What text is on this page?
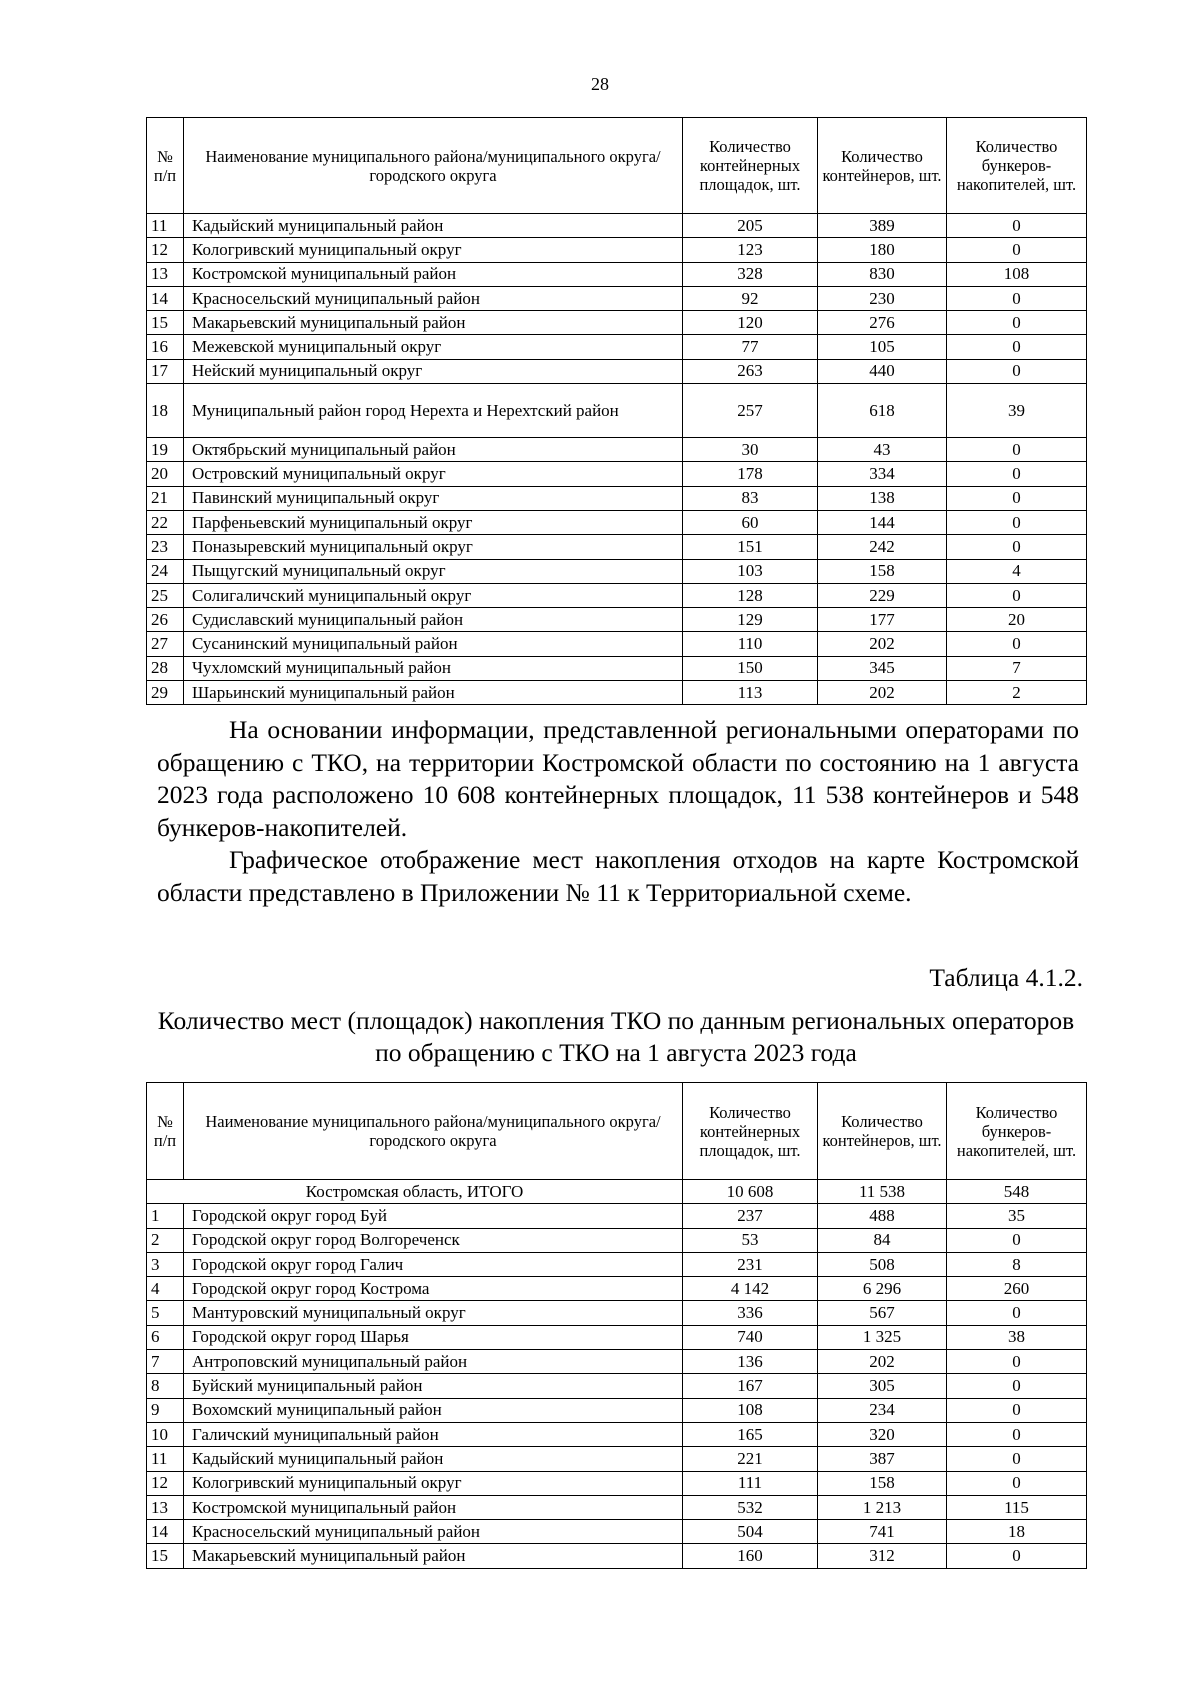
28
№ п/п	Наименование муниципального района/муниципального округа/городского округа	Количество контейнерных площадок, шт.	Количество контейнеров, шт.	Количество бункеров-накопителей, шт.
11	Кадыйский муниципальный район	205	389	0
12	Кологривский муниципальный округ	123	180	0
13	Костромской муниципальный район	328	830	108
14	Красносельский муниципальный район	92	230	0
15	Макарьевский муниципальный район	120	276	0
16	Межевской муниципальный округ	77	105	0
17	Нейский муниципальный округ	263	440	0
18	Муниципальный район город Нерехта и Нерехтский район	257	618	39
19	Октябрьский муниципальный район	30	43	0
20	Островский муниципальный округ	178	334	0
21	Павинский муниципальный округ	83	138	0
22	Парфеньевский муниципальный округ	60	144	0
23	Поназыревский муниципальный округ	151	242	0
24	Пыщугский муниципальный округ	103	158	4
25	Солигаличский муниципальный округ	128	229	0
26	Судиславский муниципальный район	129	177	20
27	Сусанинский муниципальный район	110	202	0
28	Чухломский муниципальный район	150	345	7
29	Шарьинский муниципальный район	113	202	2
На основании информации, представленной региональными операторами по обращению с ТКО, на территории Костромской области по состоянию на 1 августа 2023 года расположено 10 608 контейнерных площадок, 11 538 контейнеров и 548 бункеров-накопителей.
Графическое отображение мест накопления отходов на карте Костромской области представлено в Приложении № 11 к Территориальной схеме.
Таблица 4.1.2.
Количество мест (площадок) накопления ТКО по данным региональных операторов по обращению с ТКО на 1 августа 2023 года
№ п/п	Наименование муниципального района/муниципального округа/городского округа	Количество контейнерных площадок, шт.	Количество контейнеров, шт.	Количество бункеров-накопителей, шт.
Костромская область, ИТОГО		10 608	11 538	548
1	Городской округ город Буй	237	488	35
2	Городской округ город Волгореченск	53	84	0
3	Городской округ город Галич	231	508	8
4	Городской округ город Кострома	4 142	6 296	260
5	Мантуровский муниципальный округ	336	567	0
6	Городской округ город Шарья	740	1 325	38
7	Антроповский муниципальный район	136	202	0
8	Буйский муниципальный район	167	305	0
9	Вохомский муниципальный район	108	234	0
10	Галичский муниципальный район	165	320	0
11	Кадыйский муниципальный район	221	387	0
12	Кологривский муниципальный округ	111	158	0
13	Костромской муниципальный район	532	1 213	115
14	Красносельский муниципальный район	504	741	18
15	Макарьевский муниципальный район	160	312	0
